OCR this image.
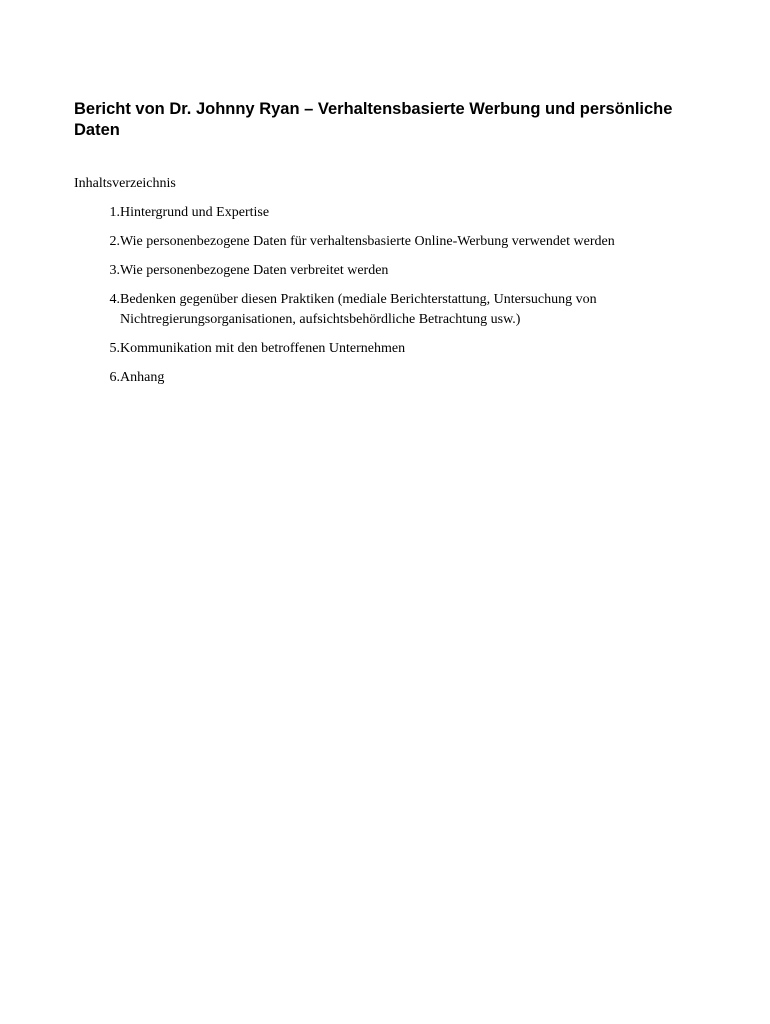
Bericht von Dr. Johnny Ryan – Verhaltensbasierte Werbung und persönliche Daten

Inhaltsverzeichnis

1. Hintergrund und Expertise
2. Wie personenbezogene Daten für verhaltensbasierte Online-Werbung verwendet werden
3. Wie personenbezogene Daten verbreitet werden
4. Bedenken gegenüber diesen Praktiken (mediale Berichterstattung, Untersuchung von Nichtregierungsorganisationen, aufsichtsbehördliche Betrachtung usw.)
5. Kommunikation mit den betroffenen Unternehmen
6. Anhang
